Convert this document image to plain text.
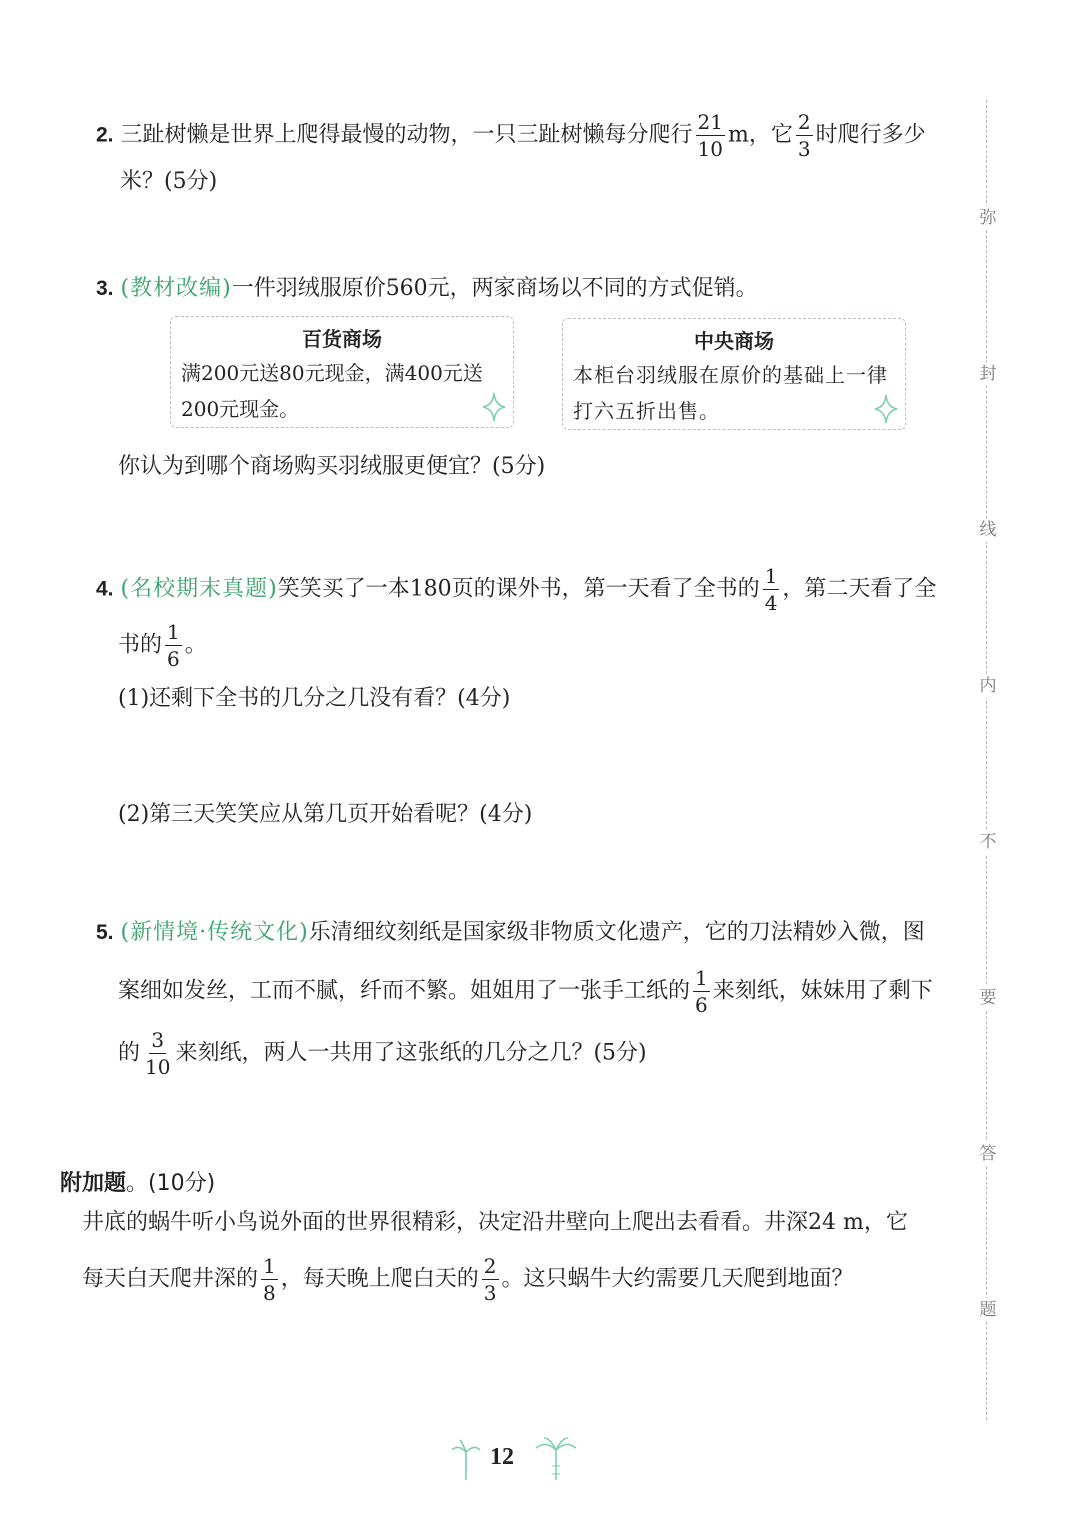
2. 三趾树懒是世界上爬得最慢的动物，一只三趾树懒每分爬行 $\frac{21}{10}$ m，它 $\frac{2}{3}$ 时爬行多少
米？(5分)
3. (教材改编)一件羽绒服原价560元，两家商场以不同的方式促销。
百货商场
满200元送80元现金，满400元送200元现金。
中央商场
本柜台羽绒服在原价的基础上一律打六五折出售。
你认为到哪个商场购买羽绒服更便宜？(5分)
4. (名校期末真题)笑笑买了一本180页的课外书，第一天看了全书的 $\frac{1}{4}$ ，第二天看了全
书的 $\frac{1}{6}$ 。
(1)还剩下全书的几分之几没有看？(4分)
(2)第三天笑笑应从第几页开始看呢？(4分)
5. (新情境·传统文化)乐清细纹刻纸是国家级非物质文化遗产，它的刀法精妙入微，图
案细如发丝，工而不腻，纤而不繁。姐姐用了一张手工纸的 $\frac{1}{6}$ 来刻纸，妹妹用了剩下
的 $\frac{3}{10}$ 来刻纸，两人一共用了这张纸的几分之几？(5分)
附加题。(10分)
井底的蜗牛听小鸟说外面的世界很精彩，决定沿井壁向上爬出去看看。井深24 m，它
每天白天爬井深的 $\frac{1}{8}$ ，每天晚上爬白天的 $\frac{2}{3}$ 。这只蜗牛大约需要几天爬到地面？
弥
封
线
内
不
要
答
题
12
